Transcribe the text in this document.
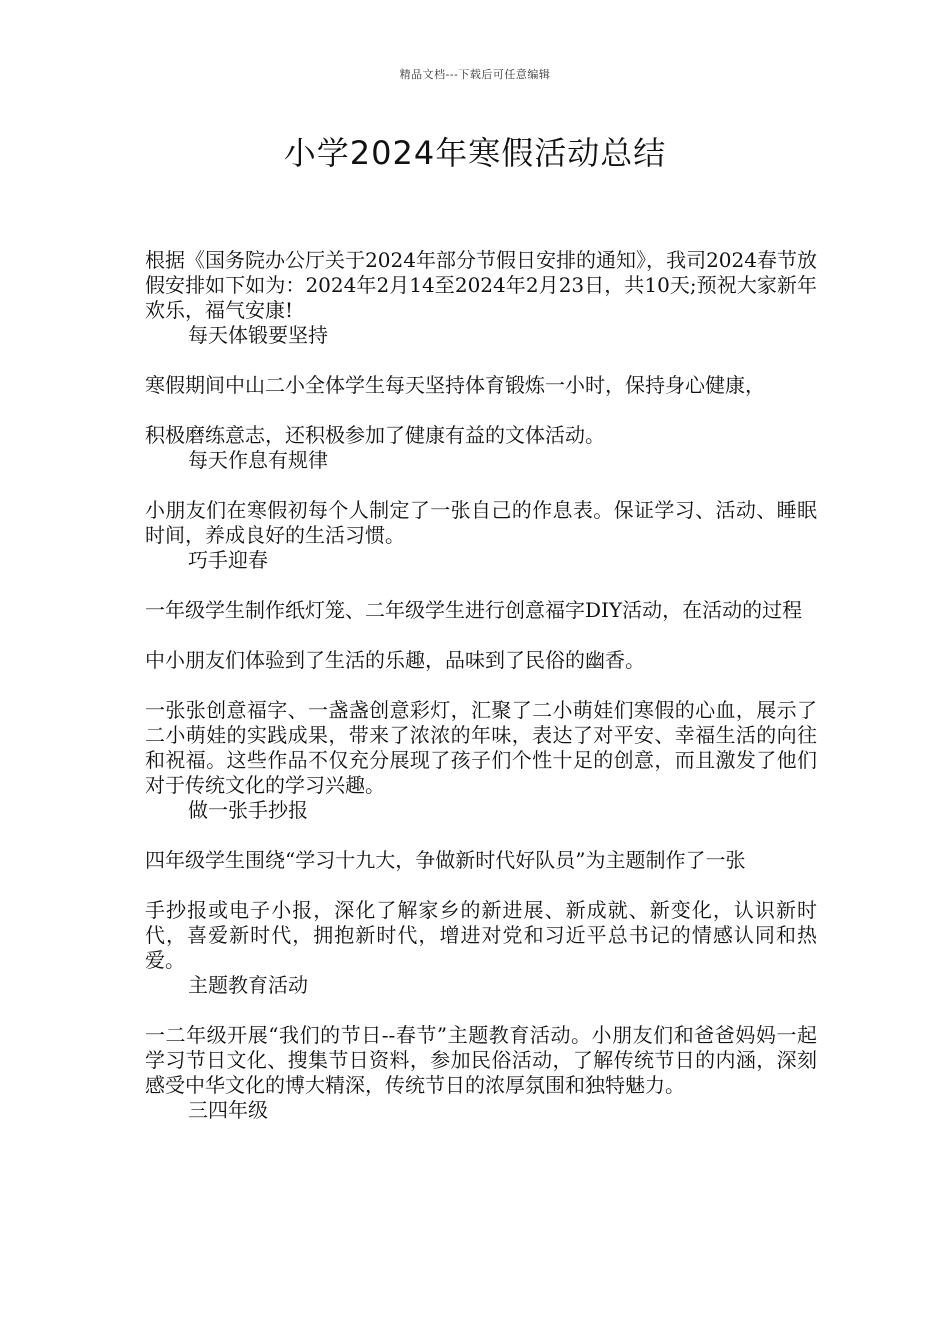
精品文档---下载后可任意编辑
小学2024年寒假活动总结

根据《国务院办公厅关于2024年部分节假日安排的通知》，我司2024春节放假安排如下如为：2024年2月14至2024年2月23日，共10天;预祝大家新年欢乐，福气安康!

每天体锻要坚持

寒假期间中山二小全体学生每天坚持体育锻炼一小时，保持身心健康，

积极磨练意志，还积极参加了健康有益的文体活动。

每天作息有规律

小朋友们在寒假初每个人制定了一张自己的作息表。保证学习、活动、睡眠时间，养成良好的生活习惯。

巧手迎春

一年级学生制作纸灯笼、二年级学生进行创意福字DIY活动，在活动的过程

中小朋友们体验到了生活的乐趣，品味到了民俗的幽香。

一张张创意福字、一盏盏创意彩灯，汇聚了二小萌娃们寒假的心血，展示了二小萌娃的实践成果，带来了浓浓的年味，表达了对平安、幸福生活的向往和祝福。这些作品不仅充分展现了孩子们个性十足的创意，而且激发了他们对于传统文化的学习兴趣。

做一张手抄报

四年级学生围绕“学习十九大，争做新时代好队员”为主题制作了一张

手抄报或电子小报，深化了解家乡的新进展、新成就、新变化，认识新时代，喜爱新时代，拥抱新时代，增进对党和习近平总书记的情感认同和热爱。

主题教育活动

一二年级开展“我们的节日--春节”主题教育活动。小朋友们和爸爸妈妈一起学习节日文化、搜集节日资料，参加民俗活动，了解传统节日的内涵，深刻感受中华文化的博大精深，传统节日的浓厚氛围和独特魅力。

三四年级
